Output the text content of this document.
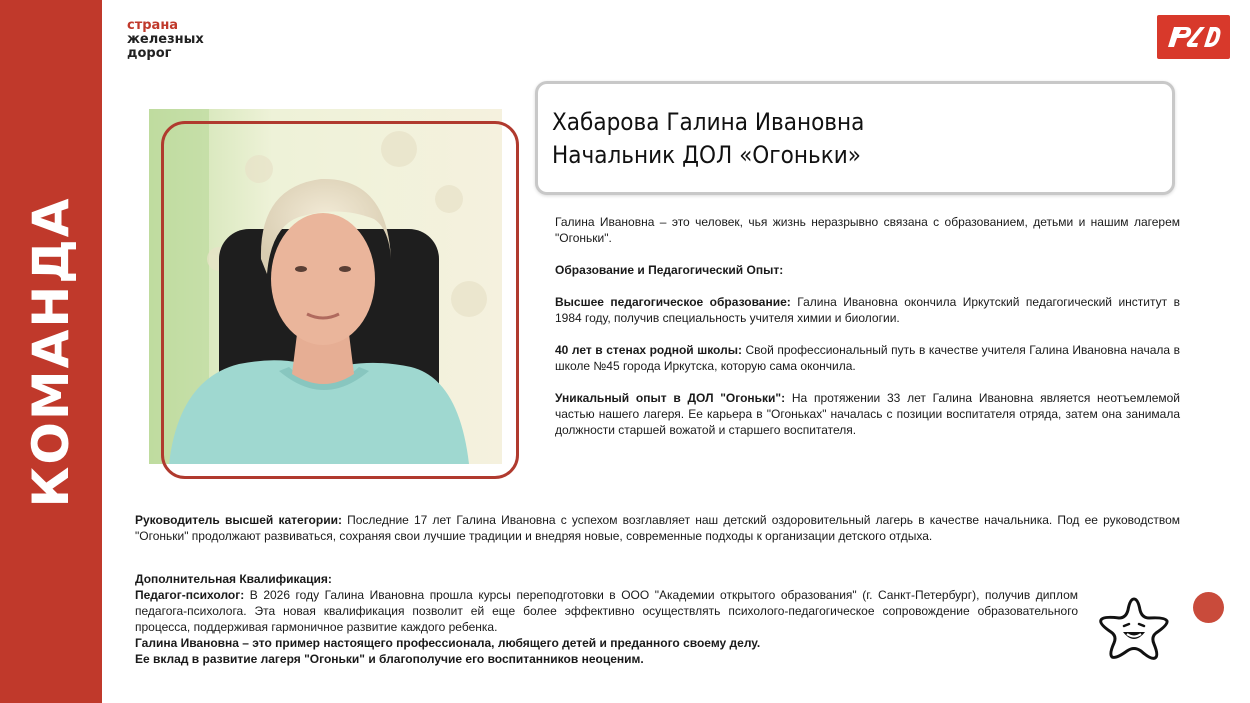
КОМАНДА
страна
железных
дорог
Хабарова Галина Ивановна
Начальник ДОЛ «Огоньки»

Галина Ивановна – это человек, чья жизнь неразрывно связана с образованием, детьми и нашим лагерем "Огоньки".

Образование и Педагогический Опыт:

Высшее педагогическое образование: Галина Ивановна окончила Иркутский педагогический институт в 1984 году, получив специальность учителя химии и биологии.

40 лет в стенах родной школы: Свой профессиональный путь в качестве учителя Галина Ивановна начала в школе №45 города Иркутска, которую сама окончила.

Уникальный опыт в ДОЛ "Огоньки": На протяжении 33 лет Галина Ивановна является неотъемлемой частью нашего лагеря. Ее карьера в "Огоньках" началась с позиции воспитателя отряда, затем она занимала должности старшей вожатой и старшего воспитателя.

Руководитель высшей категории: Последние 17 лет Галина Ивановна с успехом возглавляет наш детский оздоровительный лагерь в качестве начальника. Под ее руководством "Огоньки" продолжают развиваться, сохраняя свои лучшие традиции и внедряя новые, современные подходы к организации детского отдыха.

Дополнительная Квалификация:

Педагог-психолог: В 2026 году Галина Ивановна прошла курсы переподготовки в ООО "Академии открытого образования" (г. Санкт-Петербург), получив диплом педагога-психолога. Эта новая квалификация позволит ей еще более эффективно осуществлять психолого-педагогическое сопровождение образовательного процесса, поддерживая гармоничное развитие каждого ребенка.

Галина Ивановна – это пример настоящего профессионала, любящего детей и преданного своему делу.

Ее вклад в развитие лагеря "Огоньки" и благополучие его воспитанников неоценим.
